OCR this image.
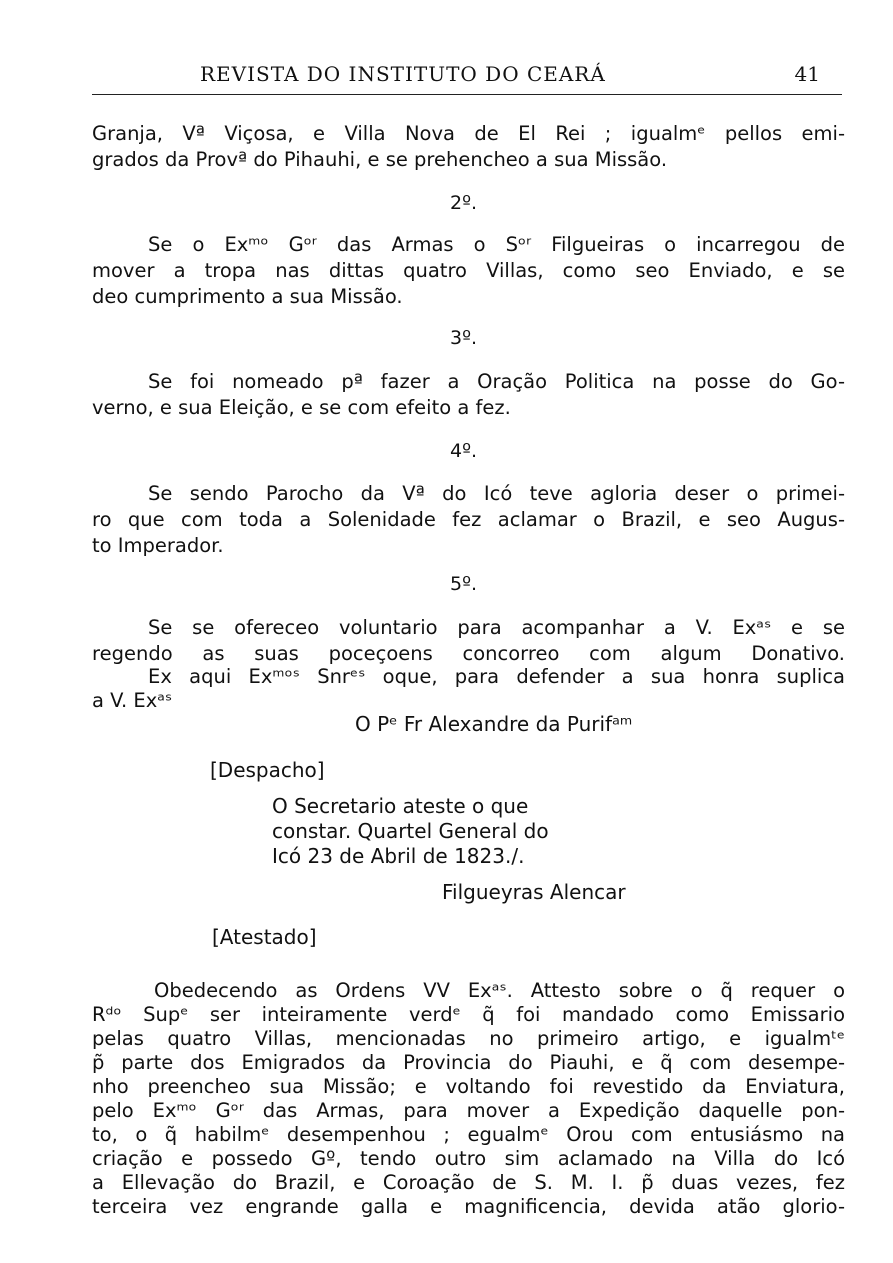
REVISTA DO INSTITUTO DO CEARÁ	41
Granja, Vª Viçosa, e Villa Nova de El Rei ; igualmᵉ pellos emi-
grados da Provª do Pihauhi, e se prehencheo a sua Missão.
2º.
Se o Exᵐᵒ Gᵒʳ das Armas o Sᵒʳ Filgueiras o incarregou de
mover a tropa nas dittas quatro Villas, como seo Enviado, e se
deo cumprimento a sua Missão.
3º.
Se foi nomeado pª fazer a Oração Politica na posse do Go-
verno, e sua Eleição, e se com efeito a fez.
4º.
Se sendo Parocho da Vª do Icó teve agloria deser o primei-
ro que com toda a Solenidade fez aclamar o Brazil, e seo Augus-
to Imperador.
5º.
Se se ofereceo voluntario para acompanhar a V. Exᵃˢ e se
regendo as suas poceçoens concorreo com algum Donativo.
Ex aqui Exᵐᵒˢ Snrᵉˢ oque, para defender a sua honra suplica
a V. Exᵃˢ
O Pᵉ Fr Alexandre da Purifᵃᵐ
[Despacho]
O Secretario ateste o que
constar. Quartel General do
Icó 23 de Abril de 1823./.
Filgueyras Alencar
[Atestado]
Obedecendo as Ordens VV Exᵃˢ. Attesto sobre o q̃ requer o
Rᵈᵒ Supᵉ ser inteiramente verdᵉ q̃ foi mandado como Emissario
pelas quatro Villas, mencionadas no primeiro artigo, e igualmᵗᵉ
p̃ parte dos Emigrados da Provincia do Piauhi, e q̃ com desempe-
nho preencheo sua Missão; e voltando foi revestido da Enviatura,
pelo Exᵐᵒ Gᵒʳ das Armas, para mover a Expedição daquelle pon-
to, o q̃ habilmᵉ desempenhou ; egualmᵉ Orou com entusiásmo na
criação e possedo Gº, tendo outro sim aclamado na Villa do Icó
a Ellevação do Brazil, e Coroação de S. M. I. p̃ duas vezes, fez
terceira vez engrande galla e magnificencia, devida atão glorio-
